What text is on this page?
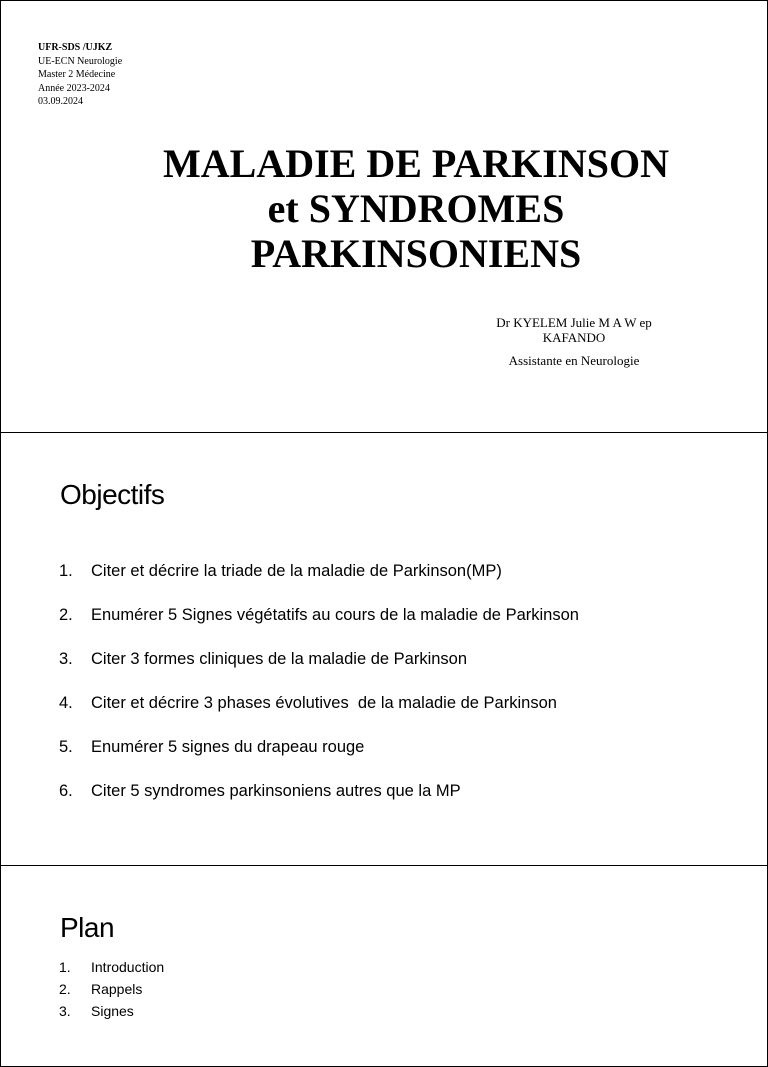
UFR-SDS /UJKZ
UE-ECN Neurologie
Master 2 Médecine
Année 2023-2024
03.09.2024
MALADIE DE PARKINSON
et SYNDROMES
PARKINSONIENS
Dr KYELEM Julie M A W ep
KAFANDO
Assistante en Neurologie
Objectifs
1.	Citer et décrire la triade de la maladie de Parkinson(MP)
2.	Enumérer 5 Signes végétatifs au cours de la maladie de Parkinson
3.	Citer 3 formes cliniques de la maladie de Parkinson
4.	Citer et décrire 3 phases évolutives  de la maladie de Parkinson
5.	Enumérer 5 signes du drapeau rouge
6.	Citer 5 syndromes parkinsoniens autres que la MP
Plan
1.	Introduction
2.	Rappels
3.	Signes
